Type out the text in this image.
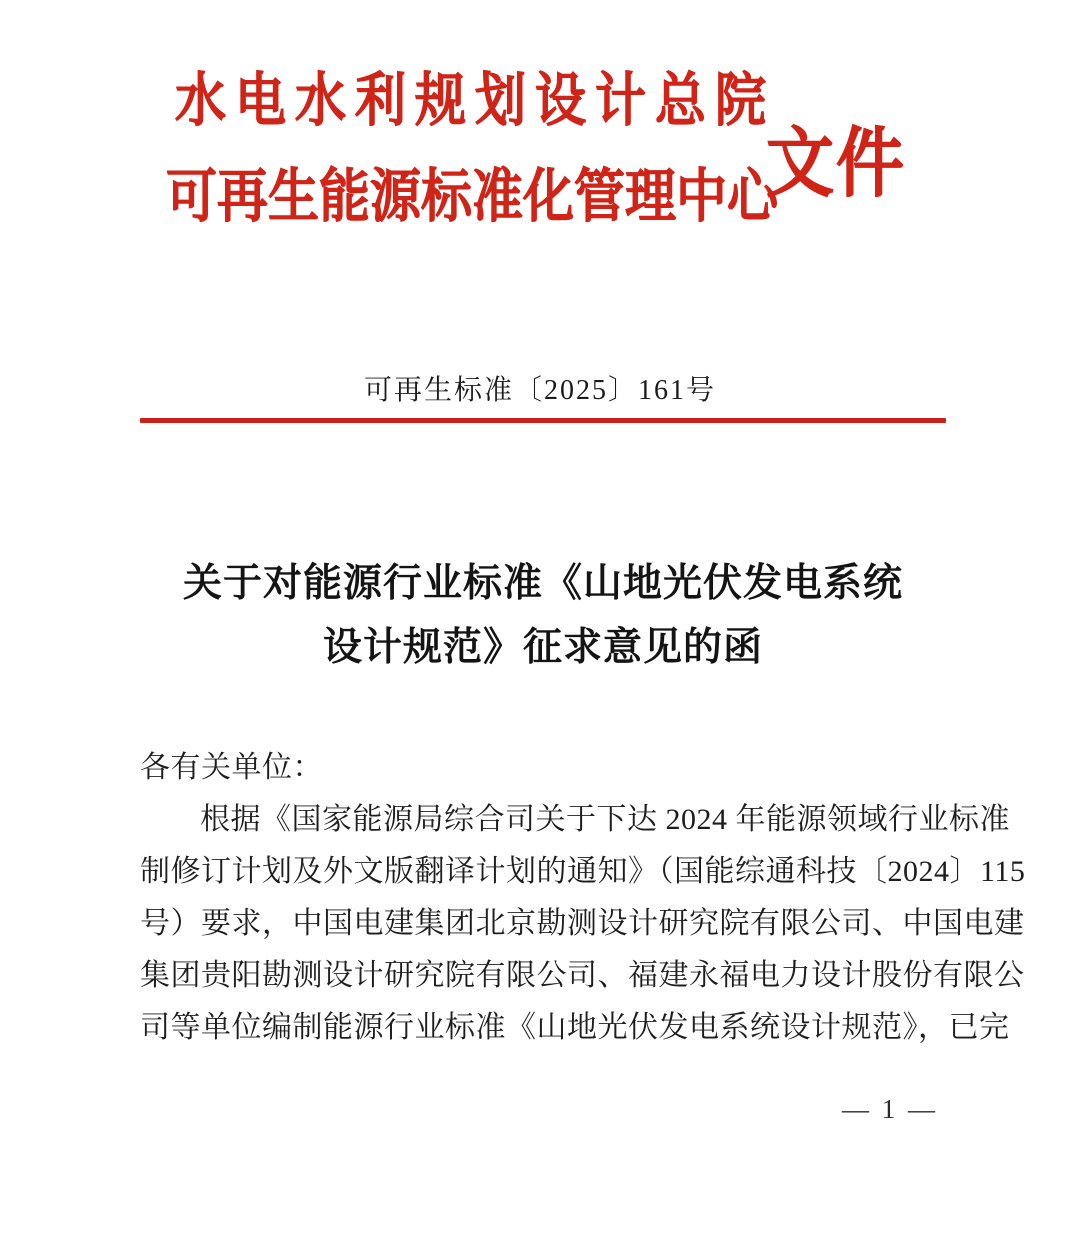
水电水利规划设计总院
可再生能源标准化管理中心
文件
可再生标准〔2025〕161号
关于对能源行业标准《山地光伏发电系统
设计规范》征求意见的函
各有关单位：
根据《国家能源局综合司关于下达 2024 年能源领域行业标准
制修订计划及外文版翻译计划的通知》（国能综通科技〔2024〕115
号）要求，中国电建集团北京勘测设计研究院有限公司、中国电建
集团贵阳勘测设计研究院有限公司、福建永福电力设计股份有限公
司等单位编制能源行业标准《山地光伏发电系统设计规范》，已完
— 1 —
